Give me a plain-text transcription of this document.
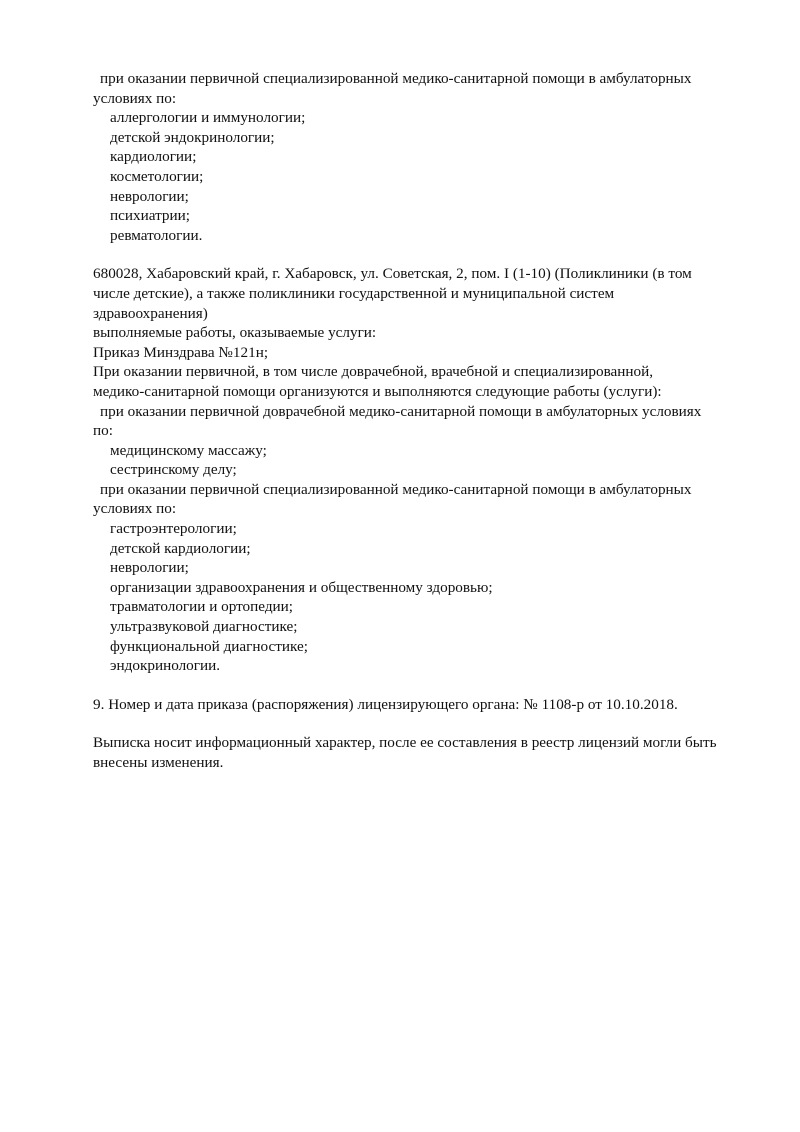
при оказании первичной специализированной медико-санитарной помощи в амбулаторных

условиях по:

аллергологии и иммунологии;

детской эндокринологии;

кардиологии;

косметологии;

неврологии;

психиатрии;

ревматологии.

680028, Хабаровский край, г. Хабаровск, ул. Советская, 2, пом. I (1-10) (Поликлиники (в том

числе детские), а также поликлиники государственной и муниципальной систем

здравоохранения)

выполняемые работы, оказываемые услуги:

Приказ Минздрава №121н;

При оказании первичной, в том числе доврачебной, врачебной и специализированной,

медико-санитарной помощи организуются и выполняются следующие работы (услуги):

при оказании первичной доврачебной медико-санитарной помощи в амбулаторных условиях

по:

медицинскому массажу;

сестринскому делу;

при оказании первичной специализированной медико-санитарной помощи в амбулаторных

условиях по:

гастроэнтерологии;

детской кардиологии;

неврологии;

организации здравоохранения и общественному здоровью;

травматологии и ортопедии;

ультразвуковой диагностике;

функциональной диагностике;

эндокринологии.

9. Номер и дата приказа (распоряжения) лицензирующего органа: № 1108-р от 10.10.2018.

Выписка носит информационный характер, после ее составления в реестр лицензий могли быть

внесены изменения.
